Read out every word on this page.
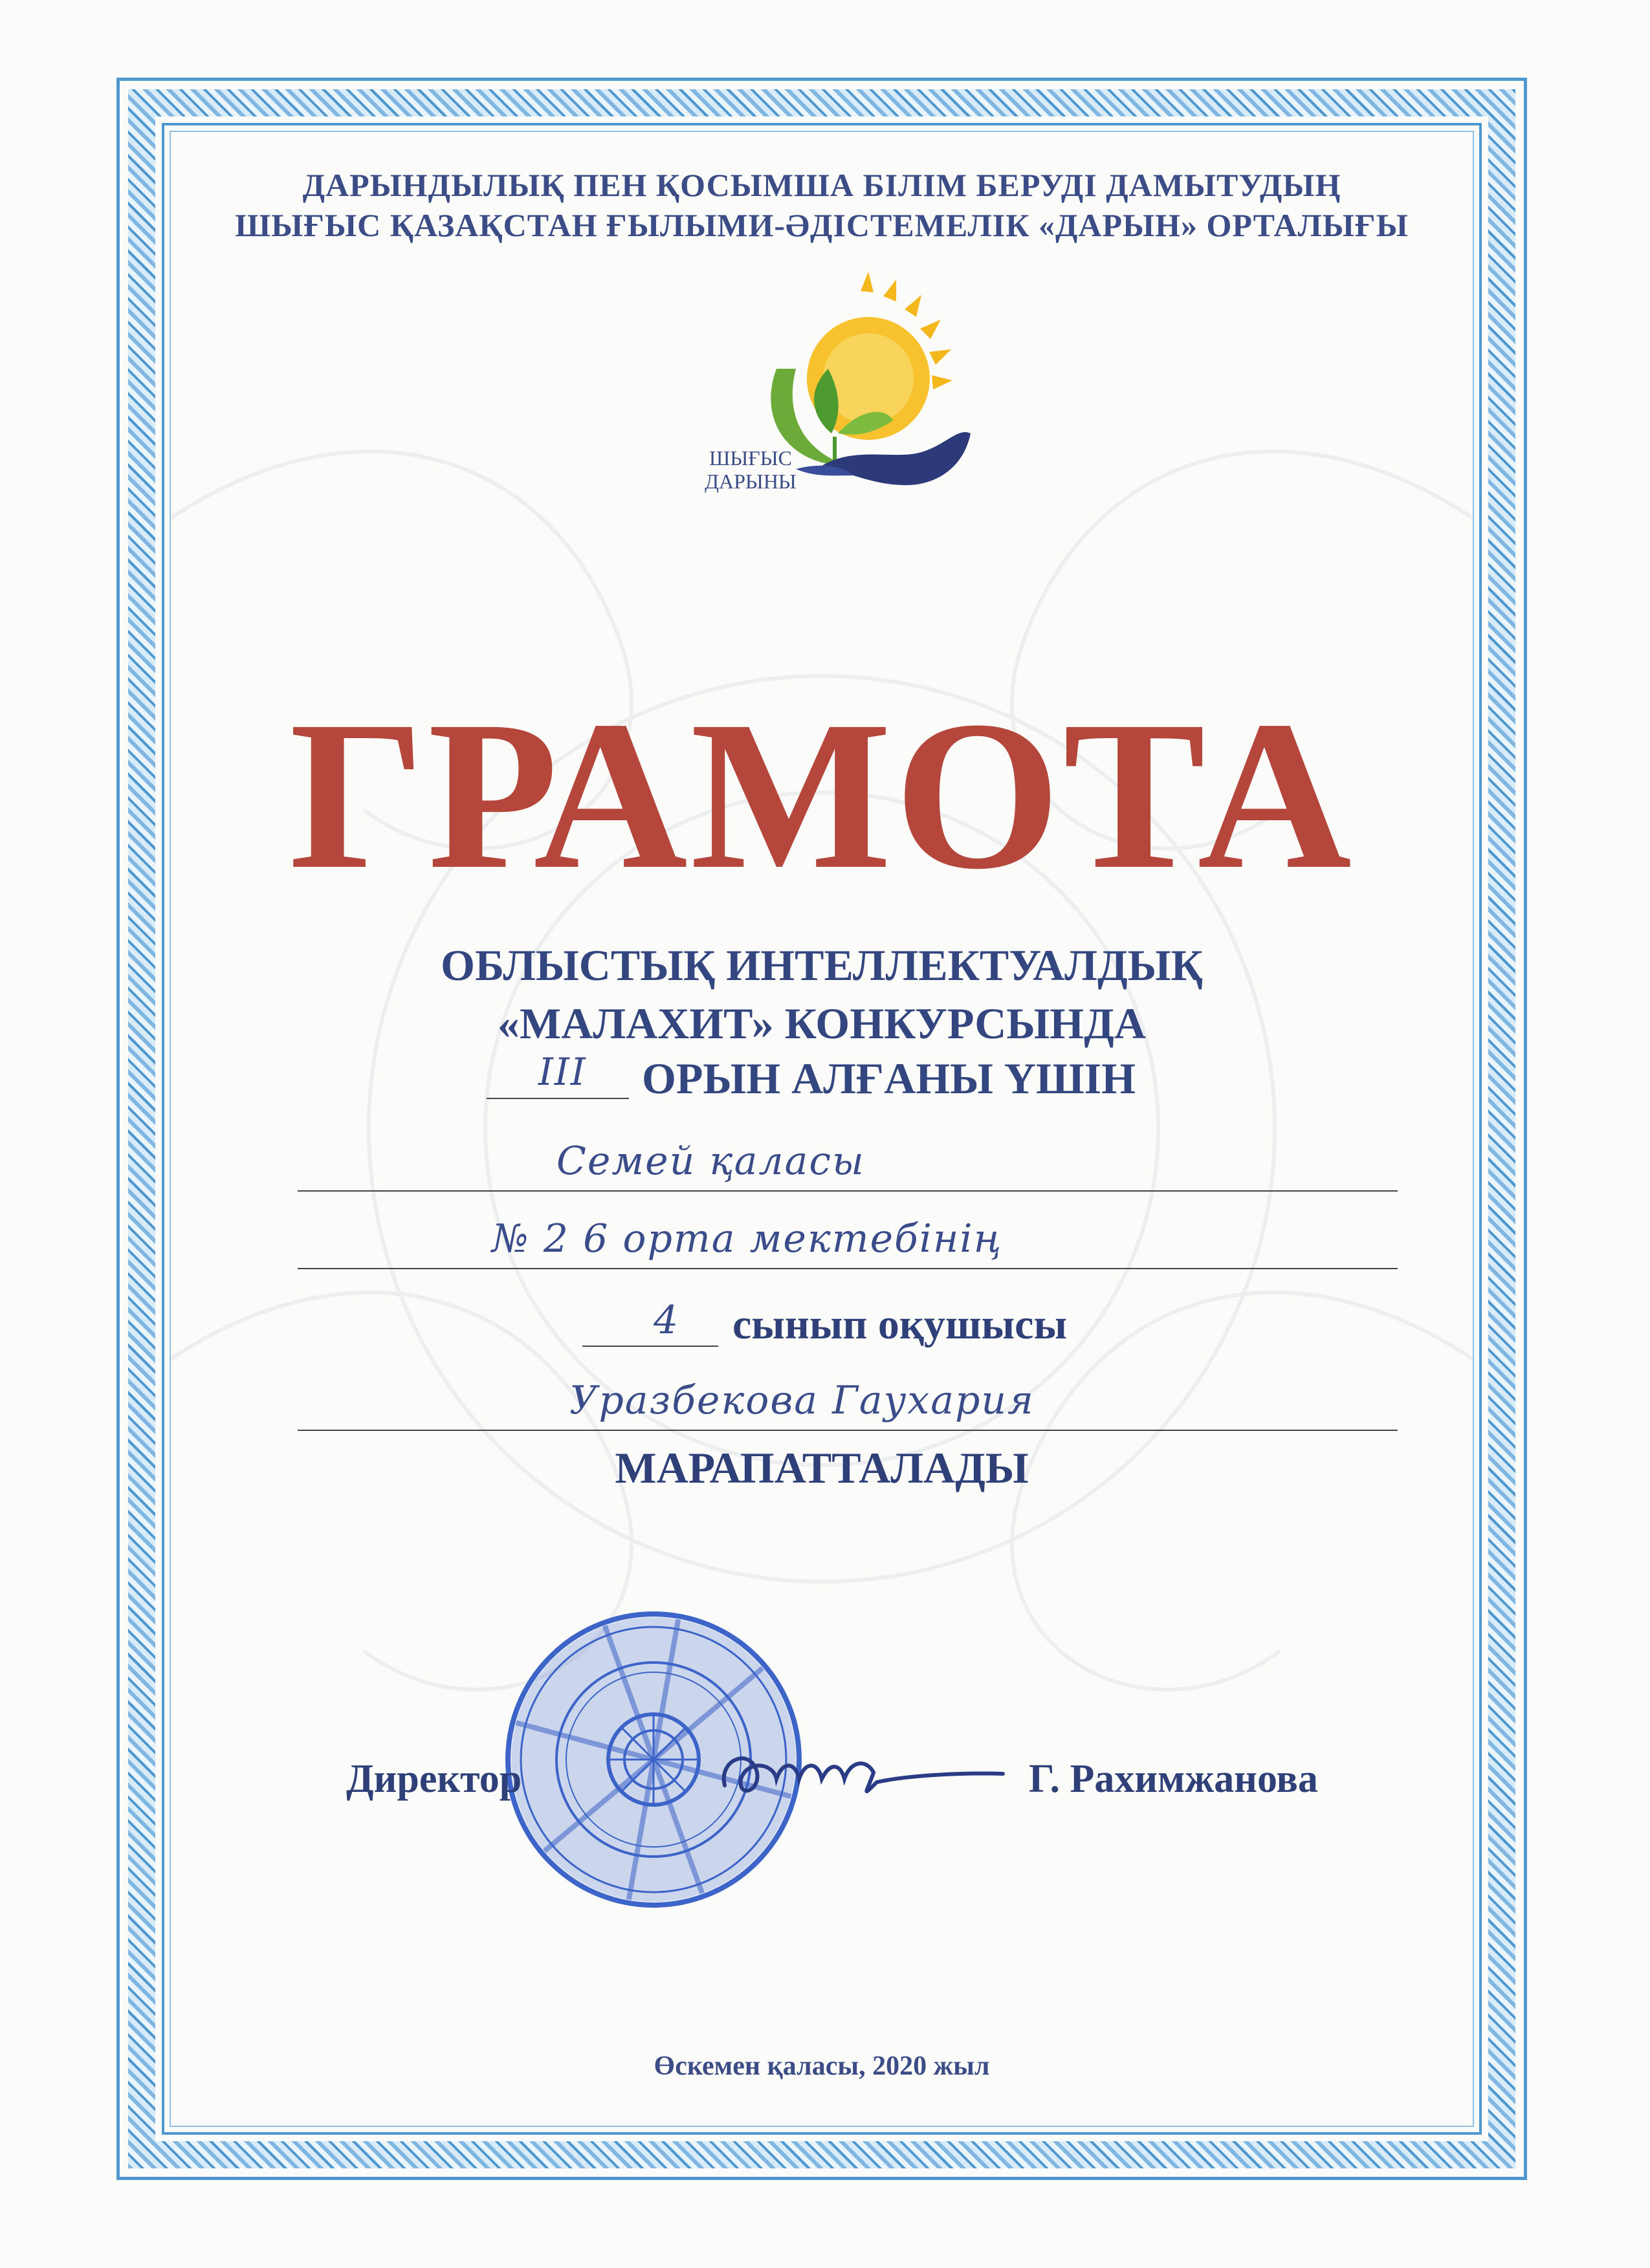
ДАРЫНДЫЛЫҚ ПЕН ҚОСЫМША БІЛІМ БЕРУДІ ДАМЫТУДЫҢ
ШЫҒЫС ҚАЗАҚСТАН ҒЫЛЫМИ-ӘДІСТЕМЕЛІК «ДАРЫН» ОРТАЛЫҒЫ
ШЫҒЫС
ДАРЫНЫ
ГРАМОТА
ОБЛЫСТЫҚ ИНТЕЛЛЕКТУАЛДЫҚ
«МАЛАХИТ» КОНКУРСЫНДА
III ОРЫН АЛҒАНЫ ҮШІН
Семей қаласы
№ 2 6 орта мектебінің
4 сынып оқушысы
Уразбекова Гаухария
МАРАПАТТАЛАДЫ
Директор	Г. Рахимжанова
Өскемен қаласы, 2020 жыл
